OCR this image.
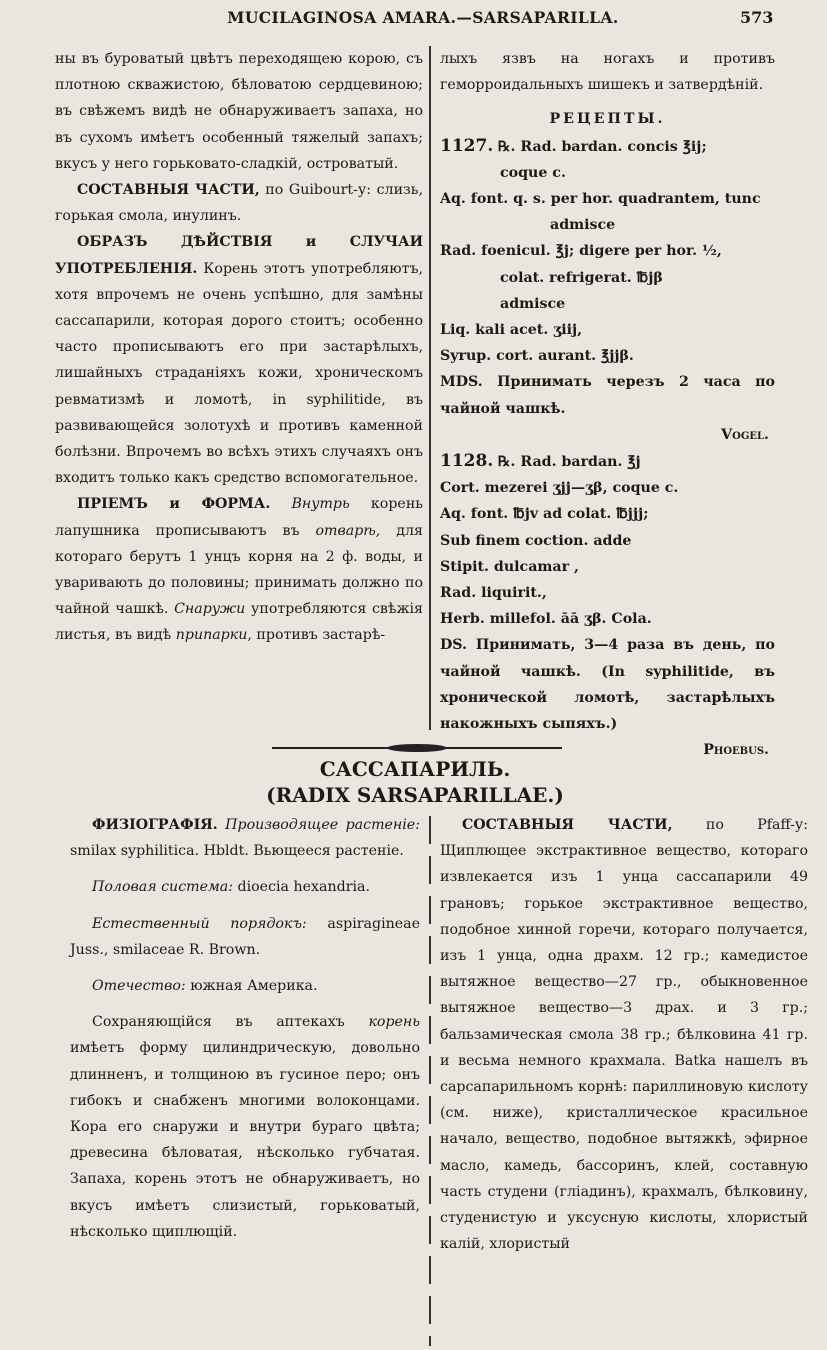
MUCILAGINOSA AMARA.—SARSAPARILLA.	573

ны въ буроватый цвѣтъ переходящею корою, съ плотною скважистою, бѣловатою сердцевиною; въ свѣжемъ видѣ не обнаруживаетъ запаха, но въ сухомъ имѣетъ особенный тяжелый запахъ; вкусъ у него горьковато-сладкій, островатый.

СОСТАВНЫЯ ЧАСТИ, по Guibourt-у: слизь, горькая смола, инулинъ.

ОБРАЗЪ ДѢЙСТВІЯ и СЛУЧАИ УПОТРЕБЛЕНІЯ. Корень этотъ употребляютъ, хотя впрочемъ не очень успѣшно, для замѣны сассапарили, которая дорого стоитъ; особенно часто прописываютъ его при застарѣлыхъ, лишайныхъ страданіяхъ кожи, хроническомъ ревматизмѣ и ломотѣ, in syphilitide, въ развивающейся золотухѣ и противъ каменной болѣзни. Впрочемъ во всѣхъ этихъ случаяхъ онъ входитъ только какъ средство вспомогательное.

ПРІЕМЪ и ФОРМА. Внутрь корень лапушника прописываютъ въ отварѣ, для котораго берутъ 1 унцъ корня на 2 ф. воды, и уваривають до половины; принимать должно по чайной чашкѣ. Снаружи употребляются свѣжія листья, въ видѣ припарки, противъ застарѣ-

лыхъ язвъ на ногахъ и противъ геморроидальныхъ шишекъ и затвердѣній.

РЕЦЕПТЫ.

1127. ℞. Rad. bardan. concis ℥ij;

coque c.

Aq. font. q. s. per hor. quadrantem, tunc

admisce

Rad. foenicul. ℥j; digere per hor. ½,

colat. refrigerat. ℔jβ

admisce

Liq. kali acet. ʒiij,

Syrup. cort. aurant. ℥jjβ.

MDS. Принимать черезъ 2 часа по чайной чашкѣ.

Vogel.

1128. ℞. Rad. bardan. ℥j

Cort. mezerei ʒjj—ʒβ, coque c.

Aq. font. ℔jv ad colat. ℔jjj;

Sub finem coction. adde

Stipit. dulcamar ,

Rad. liquirit.,

Herb. millefol. āā ʒβ. Cola.

DS. Принимать, 3—4 раза въ день, по чайной чашкѣ. (In syphilitide, въ хронической ломотѣ, застарѣлыхъ накожныхъ сыпяхъ.)

Phoebus.

САССАПАРИЛЬ.
(RADIX SARSAPARILLAE.)

ФИЗІОГРАФІЯ. Производящее растеніе: smilax syphilitica. Hbldt. Вьющееся растеніе.

Половая система: dioecia hexandria.

Естественный порядокъ: aspiragineae Juss., smilaceae R. Brown.

Отечество: южная Америка.

Сохраняющійся въ аптекахъ корень имѣетъ форму цилиндрическую, довольно длинненъ, и толщиною въ гусиное перо; онъ гибокъ и снабженъ многими волоконцами. Кора его снаружи и внутри бураго цвѣта; древесина бѣловатая, нѣсколько губчатая. Запаха, корень этотъ не обнаруживаетъ, но вкусъ имѣетъ слизистый, горьковатый, нѣсколько щиплющій.

СОСТАВНЫЯ ЧАСТИ, по Pfaff-у: Щиплющее экстрактивное вещество, котораго извлекается изъ 1 унца сассапарили 49 грановъ; горькое экстрактивное вещество, подобное хинной горечи, котораго получается, изъ 1 унца, одна драхм. 12 гр.; камедистое вытяжное вещество—27 гр., обыкновенное вытяжное вещество—3 драх. и 3 гр.; бальзамическая смола 38 гр.; бѣлковина 41 гр. и весьма немного крахмала. Batka нашелъ въ сарсапарильномъ корнѣ: париллиновую кислоту (см. ниже), кристаллическое красильное начало, вещество, подобное вытяжкѣ, эфирное масло, камедь, бассоринъ, клей, составную часть студени (гліадинъ), крахмалъ, бѣлковину, студенистую и уксусную кислоты, хлористый калій, хлористый
